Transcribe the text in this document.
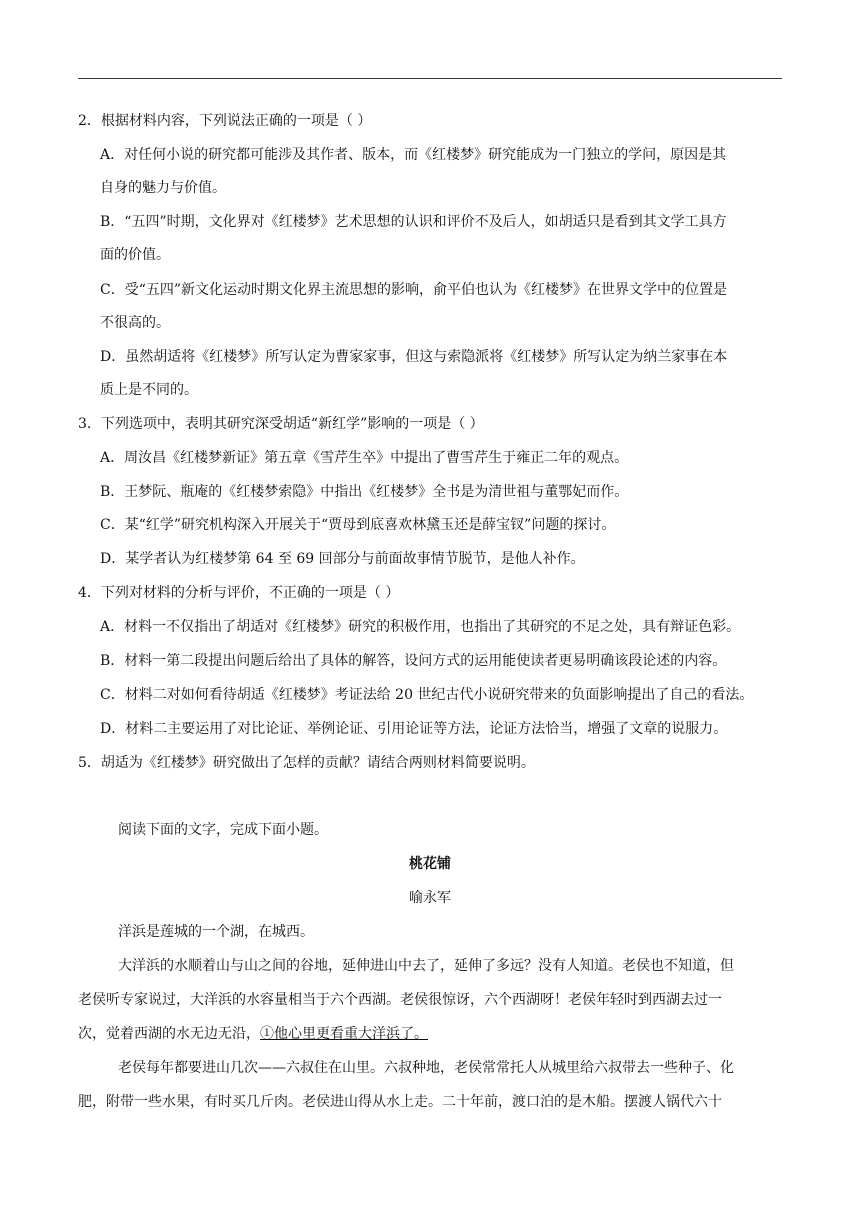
2．根据材料内容，下列说法正确的一项是（ ）
A．对任何小说的研究都可能涉及其作者、版本，而《红楼梦》研究能成为一门独立的学问，原因是其
自身的魅力与价值。
B．“五四”时期，文化界对《红楼梦》艺术思想的认识和评价不及后人，如胡适只是看到其文学工具方
面的价值。
C．受“五四”新文化运动时期文化界主流思想的影响，俞平伯也认为《红楼梦》在世界文学中的位置是
不很高的。
D．虽然胡适将《红楼梦》所写认定为曹家家事，但这与索隐派将《红楼梦》所写认定为纳兰家事在本
质上是不同的。
3．下列选项中，表明其研究深受胡适“新红学”影响的一项是（ ）
A．周汝昌《红楼梦新证》第五章《雪芹生卒》中提出了曹雪芹生于雍正二年的观点。
B．王梦阮、瓶庵的《红楼梦索隐》中指出《红楼梦》全书是为清世祖与董鄂妃而作。
C．某“红学”研究机构深入开展关于“贾母到底喜欢林黛玉还是薛宝钗”问题的探讨。
D．某学者认为红楼梦第 64 至 69 回部分与前面故事情节脱节，是他人补作。
4．下列对材料的分析与评价，不正确的一项是（ ）
A．材料一不仅指出了胡适对《红楼梦》研究的积极作用，也指出了其研究的不足之处，具有辩证色彩。
B．材料一第二段提出问题后给出了具体的解答，设问方式的运用能使读者更易明确该段论述的内容。
C．材料二对如何看待胡适《红楼梦》考证法给 20 世纪古代小说研究带来的负面影响提出了自己的看法。
D．材料二主要运用了对比论证、举例论证、引用论证等方法，论证方法恰当，增强了文章的说服力。
5．胡适为《红楼梦》研究做出了怎样的贡献？请结合两则材料简要说明。
阅读下面的文字，完成下面小题。
桃花铺
喻永军
洋浜是莲城的一个湖，在城西。
大洋浜的水顺着山与山之间的谷地，延伸进山中去了，延伸了多远？没有人知道。老侯也不知道，但
老侯听专家说过，大洋浜的水容量相当于六个西湖。老侯很惊讶，六个西湖呀！老侯年轻时到西湖去过一
次，觉着西湖的水无边无沿，①他心里更看重大洋浜了。
老侯每年都要进山几次——六叔住在山里。六叔种地，老侯常常托人从城里给六叔带去一些种子、化
肥，附带一些水果，有时买几斤肉。老侯进山得从水上走。二十年前，渡口泊的是木船。摆渡人锅代六十
